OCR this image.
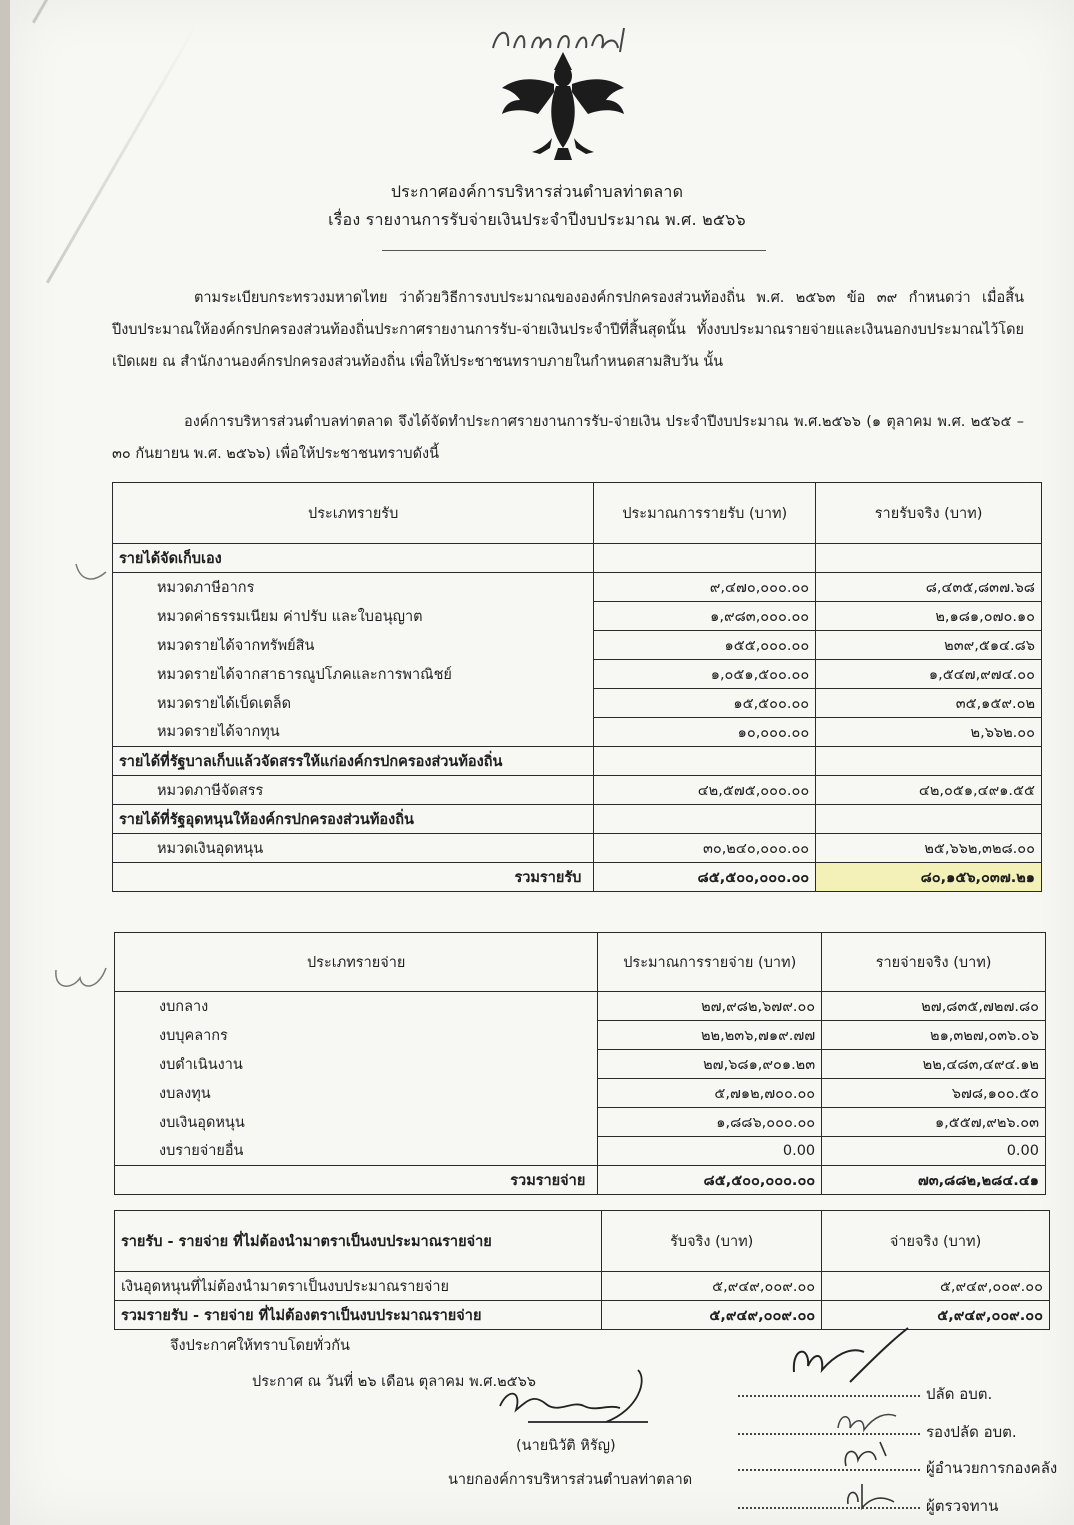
ประกาศองค์การบริหารส่วนตำบลท่าตลาด
เรื่อง รายงานการรับจ่ายเงินประจำปีงบประมาณ พ.ศ. ๒๕๖๖
ตามระเบียบกระทรวงมหาดไทย ว่าด้วยวิธีการงบประมาณขององค์กรปกครองส่วนท้องถิ่น พ.ศ. ๒๕๖๓ ข้อ ๓๙ กำหนดว่า เมื่อสิ้นปีงบประมาณให้องค์กรปกครองส่วนท้องถิ่นประกาศรายงานการรับ-จ่ายเงินประจำปีที่สิ้นสุดนั้น ทั้งงบประมาณรายจ่ายและเงินนอกงบประมาณไว้โดยเปิดเผย ณ สำนักงานองค์กรปกครองส่วนท้องถิ่น เพื่อให้ประชาชนทราบภายในกำหนดสามสิบวัน นั้น
องค์การบริหารส่วนตำบลท่าตลาด จึงได้จัดทำประกาศรายงานการรับ-จ่ายเงิน ประจำปีงบประมาณ พ.ศ.๒๕๖๖ (๑ ตุลาคม พ.ศ. ๒๕๖๕ – ๓๐ กันยายน พ.ศ. ๒๕๖๖) เพื่อให้ประชาชนทราบดังนี้
ประเภทรายรับ	ประมาณการรายรับ (บาท)	รายรับจริง (บาท)
รายได้จัดเก็บเอง		
หมวดภาษีอากร	๙,๔๗๐,๐๐๐.๐๐	๘,๔๓๕,๘๓๗.๖๘
หมวดค่าธรรมเนียม ค่าปรับ และใบอนุญาต	๑,๙๘๓,๐๐๐.๐๐	๒,๑๘๑,๐๗๐.๑๐
หมวดรายได้จากทรัพย์สิน	๑๕๕,๐๐๐.๐๐	๒๓๙,๕๑๔.๘๖
หมวดรายได้จากสาธารณูปโภคและการพาณิชย์	๑,๐๕๑,๕๐๐.๐๐	๑,๕๔๗,๙๗๔.๐๐
หมวดรายได้เบ็ดเตล็ด	๑๕,๕๐๐.๐๐	๓๕,๑๕๙.๐๒
หมวดรายได้จากทุน	๑๐,๐๐๐.๐๐	๒,๖๖๒.๐๐
รายได้ที่รัฐบาลเก็บแล้วจัดสรรให้แก่องค์กรปกครองส่วนท้องถิ่น		
หมวดภาษีจัดสรร	๔๒,๕๗๕,๐๐๐.๐๐	๔๒,๐๕๑,๔๙๑.๕๕
รายได้ที่รัฐอุดหนุนให้องค์กรปกครองส่วนท้องถิ่น		
หมวดเงินอุดหนุน	๓๐,๒๔๐,๐๐๐.๐๐	๒๕,๖๖๒,๓๒๘.๐๐
รวมรายรับ	๘๕,๕๐๐,๐๐๐.๐๐	๘๐,๑๕๖,๐๓๗.๒๑
ประเภทรายจ่าย	ประมาณการรายจ่าย (บาท)	รายจ่ายจริง (บาท)
งบกลาง	๒๗,๙๘๒,๖๗๙.๐๐	๒๗,๘๓๕,๗๒๗.๘๐
งบบุคลากร	๒๒,๒๓๖,๗๑๙.๗๗	๒๑,๓๒๗,๐๓๖.๐๖
งบดำเนินงาน	๒๗,๖๘๑,๙๐๑.๒๓	๒๒,๔๘๓,๔๙๔.๑๒
งบลงทุน	๕,๗๑๒,๗๐๐.๐๐	๖๗๘,๑๐๐.๕๐
งบเงินอุดหนุน	๑,๘๘๖,๐๐๐.๐๐	๑,๕๕๗,๙๒๖.๐๓
งบรายจ่ายอื่น	0.00	0.00
รวมรายจ่าย	๘๕,๕๐๐,๐๐๐.๐๐	๗๓,๘๘๒,๒๘๔.๔๑
รายรับ - รายจ่าย ที่ไม่ต้องนำมาตราเป็นงบประมาณรายจ่าย	รับจริง (บาท)	จ่ายจริง (บาท)
เงินอุดหนุนที่ไม่ต้องนำมาตราเป็นงบประมาณรายจ่าย	๕,๙๔๙,๐๐๙.๐๐	๕,๙๔๙,๐๐๙.๐๐
รวมรายรับ - รายจ่าย ที่ไม่ต้องตราเป็นงบประมาณรายจ่าย	๕,๙๔๙,๐๐๙.๐๐	๕,๙๔๙,๐๐๙.๐๐
จึงประกาศให้ทราบโดยทั่วกัน
ประกาศ ณ วันที่ ๒๖ เดือน ตุลาคม พ.ศ.๒๕๖๖
(นายนิวัติ หิรัญ)
นายกองค์การบริหารส่วนตำบลท่าตลาด
ปลัด อบต.
รองปลัด อบต.
ผู้อำนวยการกองคลัง
ผู้ตรวจทาน
